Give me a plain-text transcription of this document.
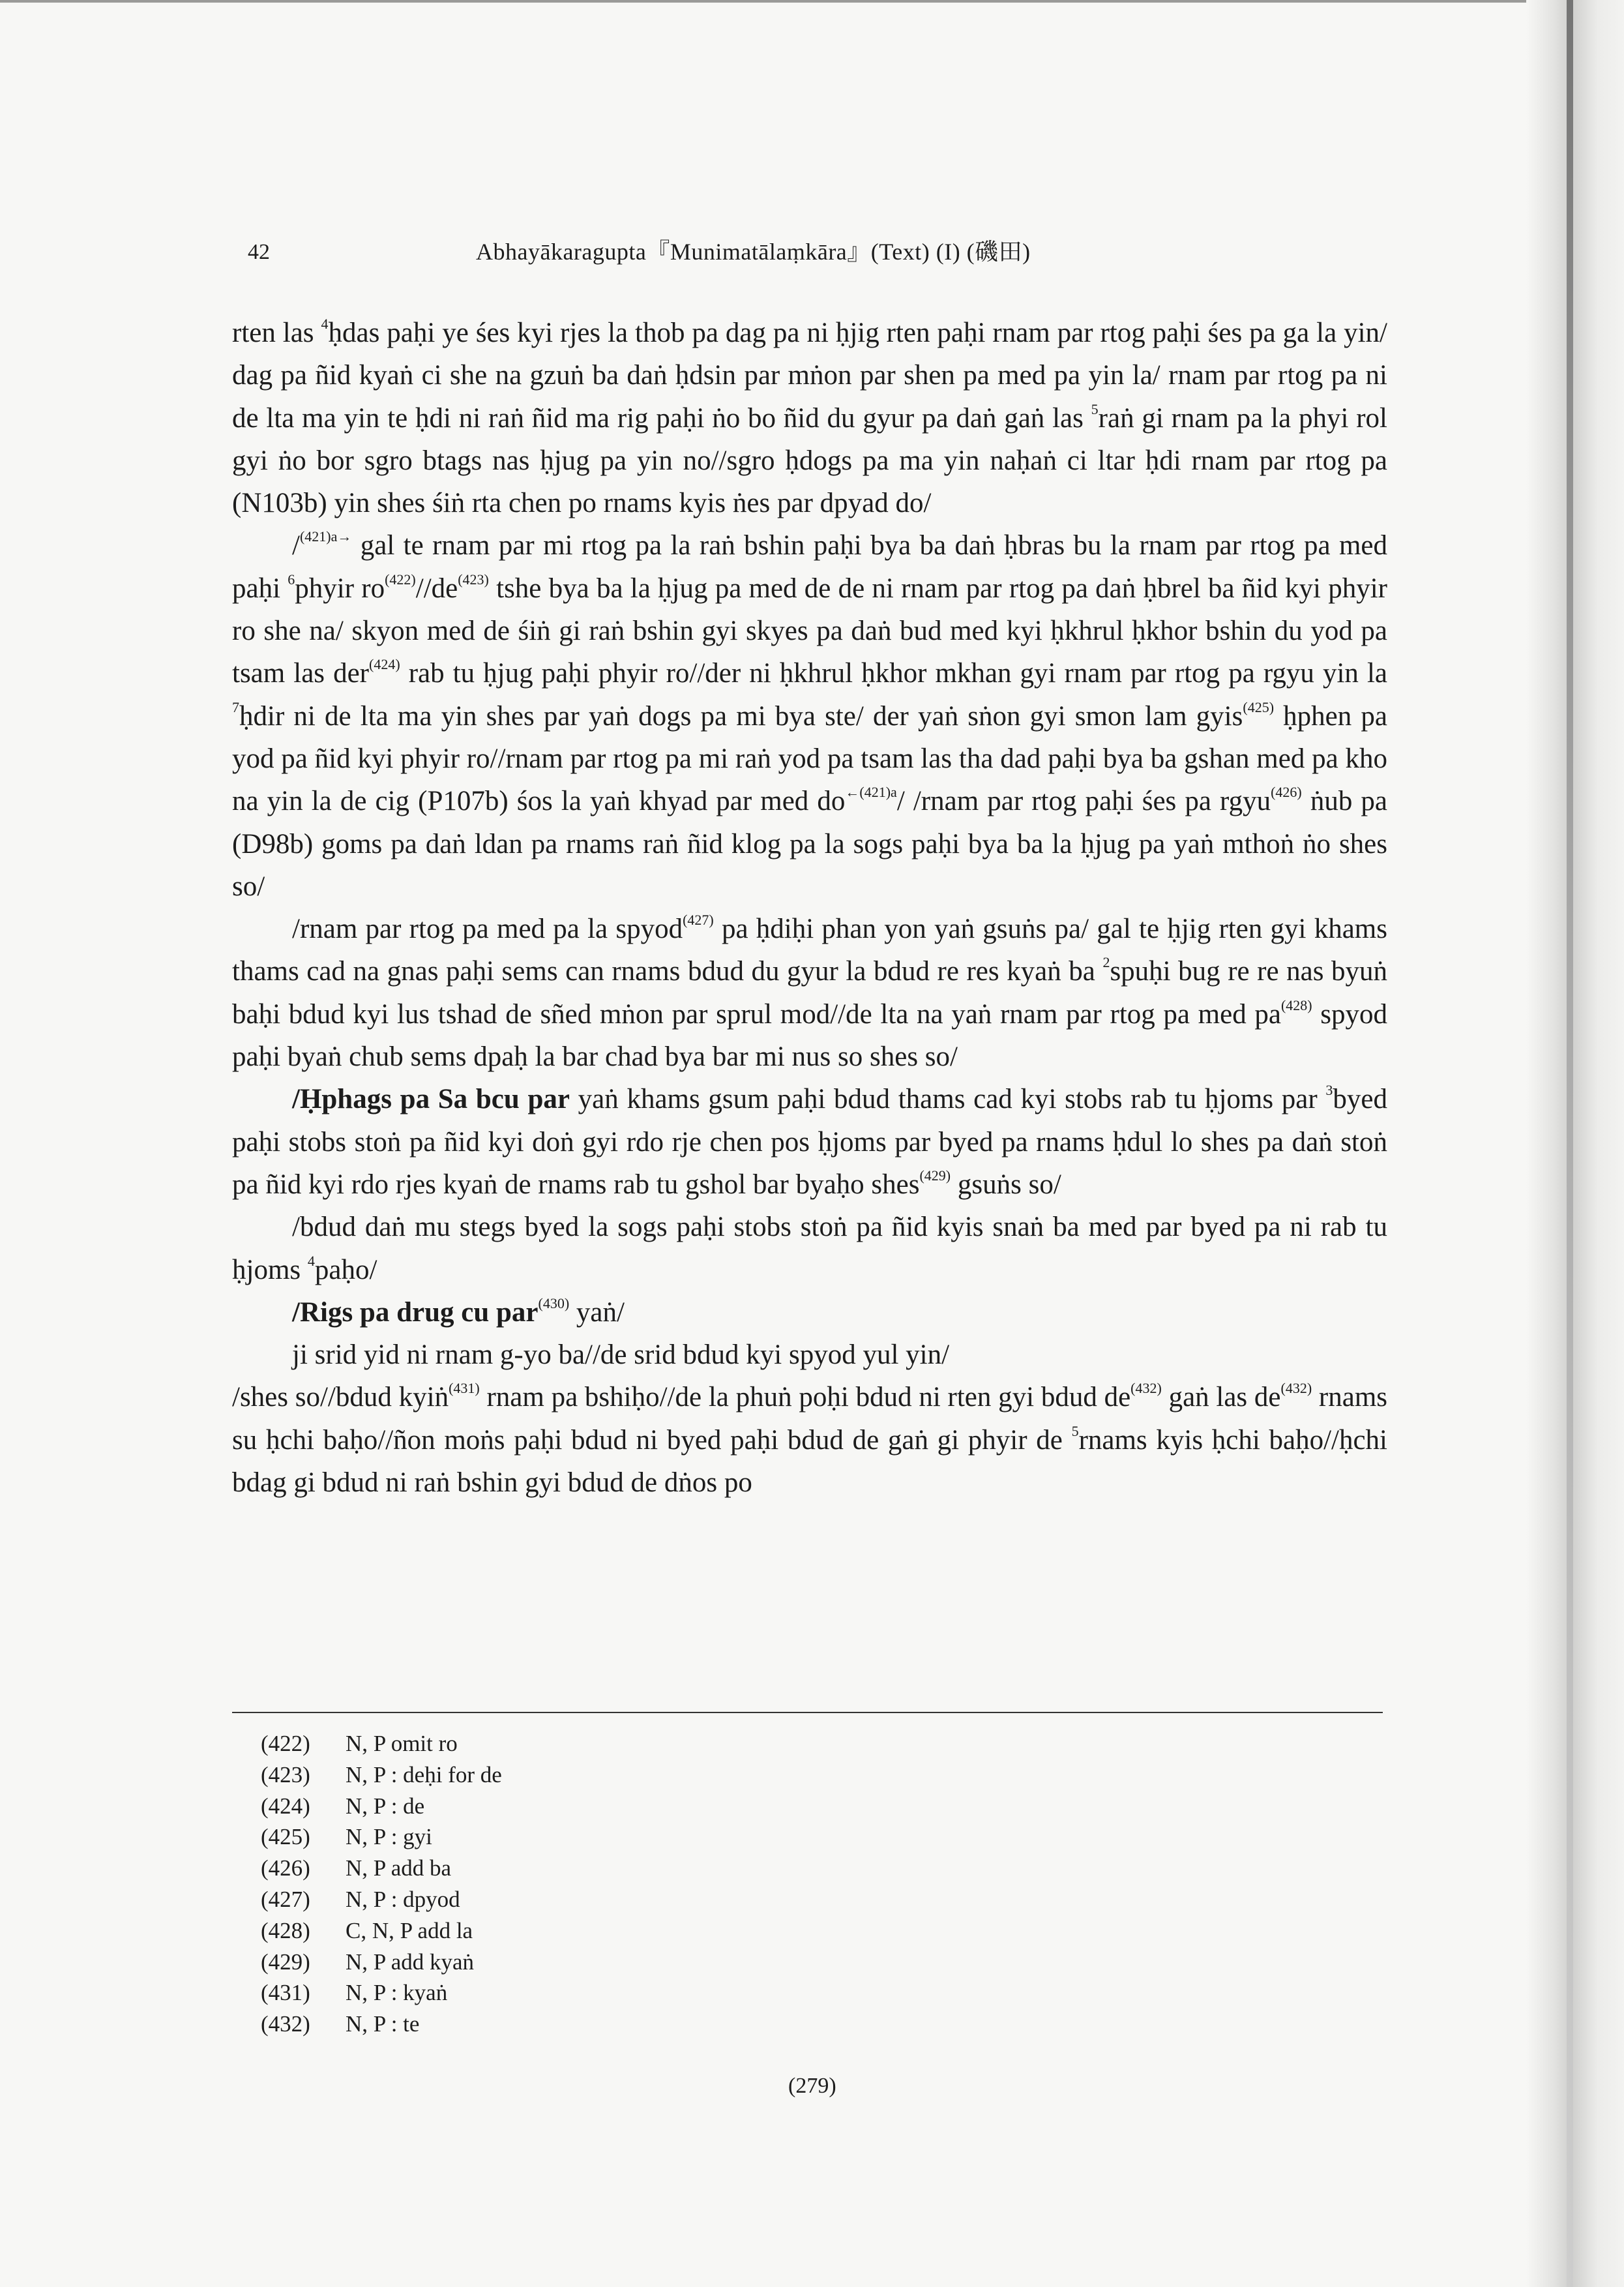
42	Abhayākaragupta『Munimatālaṃkāra』(Text) (I) (磯田)

rten las $^4$ḥdas paḥi ye śes kyi rjes la thob pa dag pa ni ḥjig rten paḥi rnam par rtog paḥi śes pa ga la yin/ dag pa ñid kyaṅ ci she na gzuṅ ba daṅ ḥdsin par mṅon par shen pa med pa yin la/ rnam par rtog pa ni de lta ma yin te ḥdi ni raṅ ñid ma rig paḥi ṅo bo ñid du gyur pa daṅ gaṅ las $^5$raṅ gi rnam pa la phyi rol gyi ṅo bor sgro btags nas ḥjug pa yin no//sgro ḥdogs pa ma yin naḥaṅ ci ltar ḥdi rnam par rtog pa (N103b) yin shes śiṅ rta chen po rnams kyis ṅes par dpyad do/

/$^{(421)a\to}$ gal te rnam par mi rtog pa la raṅ bshin paḥi bya ba daṅ ḥbras bu la rnam par rtog pa med paḥi $^6$phyir $ro^{(422)}//de^{(423)}$ tshe bya ba la ḥjug pa med de de ni rnam par rtog pa daṅ ḥbrel ba ñid kyi phyir ro she na/ skyon med de śiṅ gi raṅ bshin gyi skyes pa daṅ bud med kyi ḥkhrul ḥkhor bshin du yod pa tsam las der$^{(424)}$ rab tu ḥjug paḥi phyir ro//der ni ḥkhrul ḥkhor mkhan gyi rnam par rtog pa rgyu yin la $^7$ḥdir ni de lta ma yin shes par yaṅ dogs pa mi bya ste/ der yaṅ sṅon gyi smon lam gyis$^{(425)}$ ḥphen pa yod pa ñid kyi phyir ro//rnam par rtog pa mi raṅ yod pa tsam las tha dad paḥi bya ba gshan med pa kho na yin la de cig (P107b) śos la yaṅ khyad par med $do^{\leftarrow(421)a}/$ /rnam par rtog paḥi śes pa rgyu$^{(426)}$ ṅub pa (D98b) goms pa daṅ ldan pa rnams raṅ ñid klog pa la sogs paḥi bya ba la ḥjug pa yaṅ mthoṅ ṅo shes so/

/rnam par rtog pa med pa la spyod$^{(427)}$ pa ḥdiḥi phan yon yaṅ gsuṅs pa/ gal te ḥjig rten gyi khams thams cad na gnas paḥi sems can rnams bdud du gyur la bdud re res kyaṅ ba $^2$spuḥi bug re re nas byuṅ baḥi bdud kyi lus tshad de sñed mṅon par sprul mod//de lta na yaṅ rnam par rtog pa med $pa^{(428)}$ spyod paḥi byaṅ chub sems dpaḥ la bar chad bya bar mi nus so shes so/

/Ḥphags pa Sa bcu par yaṅ khams gsum paḥi bdud thams cad kyi stobs rab tu ḥjoms par $^3$byed paḥi stobs stoṅ pa ñid kyi doṅ gyi rdo rje chen pos ḥjoms par byed pa rnams ḥdul lo shes pa daṅ stoṅ pa ñid kyi rdo rjes kyaṅ de rnams rab tu gshol bar byaḥo shes$^{(429)}$ gsuṅs so/

/bdud daṅ mu stegs byed la sogs paḥi stobs stoṅ pa ñid kyis snaṅ ba med par byed pa ni rab tu ḥjoms $^4$paḥo/

/Rigs pa drug cu par$^{(430)}$ yaṅ/

ji srid yid ni rnam g-yo ba//de srid bdud kyi spyod yul yin/

/shes so//bdud kyiṅ$^{(431)}$ rnam pa bshiḥo//de la phuṅ poḥi bdud ni rten gyi bdud $de^{(432)}$ gaṅ las $de^{(432)}$ rnams su ḥchi baḥo//ñon moṅs paḥi bdud ni byed paḥi bdud de gaṅ gi phyir de $^5$rnams kyis ḥchi baḥo//ḥchi bdag gi bdud ni raṅ bshin gyi bdud de dṅos po

(422) N, P omit ro
(423) N, P : deḥi for de
(424) N, P : de
(425) N, P : gyi
(426) N, P add ba
(427) N, P : dpyod
(428) C, N, P add la
(429) N, P add kyaṅ
(431) N, P : kyaṅ
(432) N, P : te
(279)
